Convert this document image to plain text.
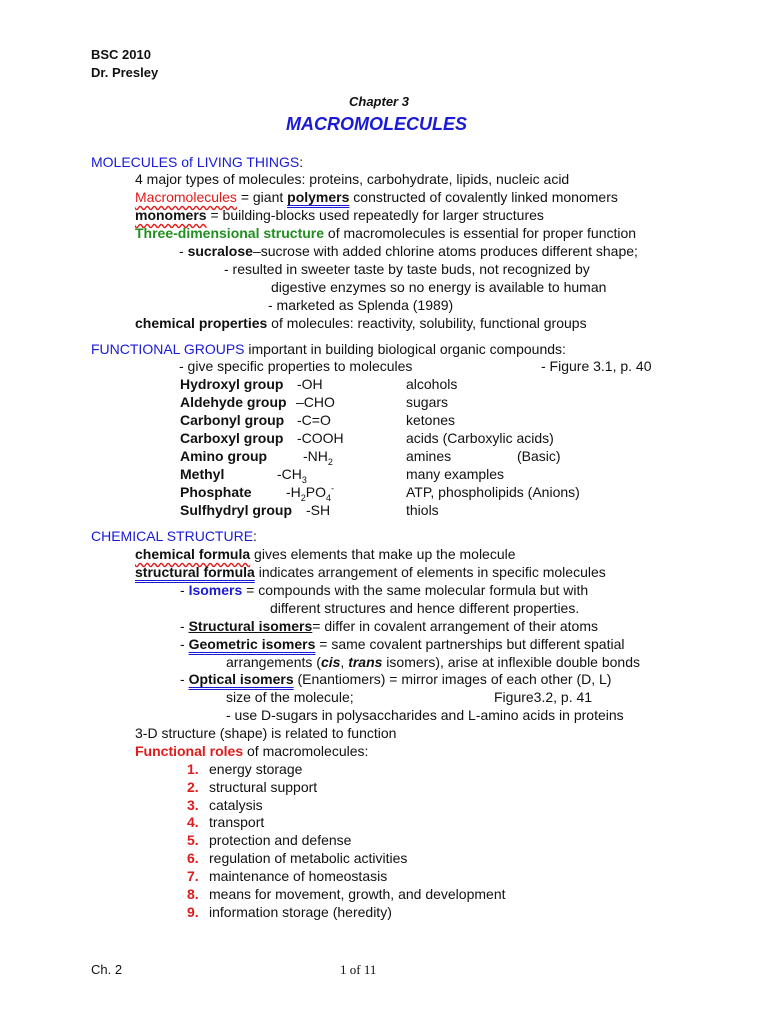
BSC 2010
Dr. Presley
Chapter 3
MACROMOLECULES
MOLECULES of LIVING THINGS:
4 major types of molecules: proteins, carbohydrate, lipids, nucleic acid
Macromolecules = giant polymers constructed of covalently linked monomers
monomers = building-blocks used repeatedly for larger structures
Three-dimensional structure of macromolecules is essential for proper function
- sucralose–sucrose with added chlorine atoms produces different shape;
- resulted in sweeter taste by taste buds, not recognized by
digestive enzymes so no energy is available to human
- marketed as Splenda (1989)
chemical properties of molecules: reactivity, solubility, functional groups
FUNCTIONAL GROUPS important in building biological organic compounds:
- give specific properties to molecules	- Figure 3.1, p. 40
Hydroxyl group -OH	alcohols
Aldehyde group –CHO	sugars
Carbonyl group -C=O	ketones
Carboxyl group -COOH	acids (Carboxylic acids)
Amino group	$-NH_2$	amines	(Basic)
Methyl	$-CH_3$	many examples
Phosphate $-H_2PO_4^-$	ATP, phospholipids (Anions)
Sulfhydryl group -SH	thiols
CHEMICAL STRUCTURE:
chemical formula gives elements that make up the molecule
structural formula indicates arrangement of elements in specific molecules
- Isomers = compounds with the same molecular formula but with
different structures and hence different properties.
- Structural isomers= differ in covalent arrangement of their atoms
- Geometric isomers = same covalent partnerships but different spatial
arrangements (cis, trans isomers), arise at inflexible double bonds
- Optical isomers (Enantiomers) = mirror images of each other (D, L)
size of the molecule;	Figure3.2, p. 41
- use D-sugars in polysaccharides and L-amino acids in proteins
3-D structure (shape) is related to function
Functional roles of macromolecules:
1. energy storage
2. structural support
3. catalysis
4. transport
5. protection and defense
6. regulation of metabolic activities
7. maintenance of homeostasis
8. means for movement, growth, and development
9. information storage (heredity)
Ch. 2	1 of 11
